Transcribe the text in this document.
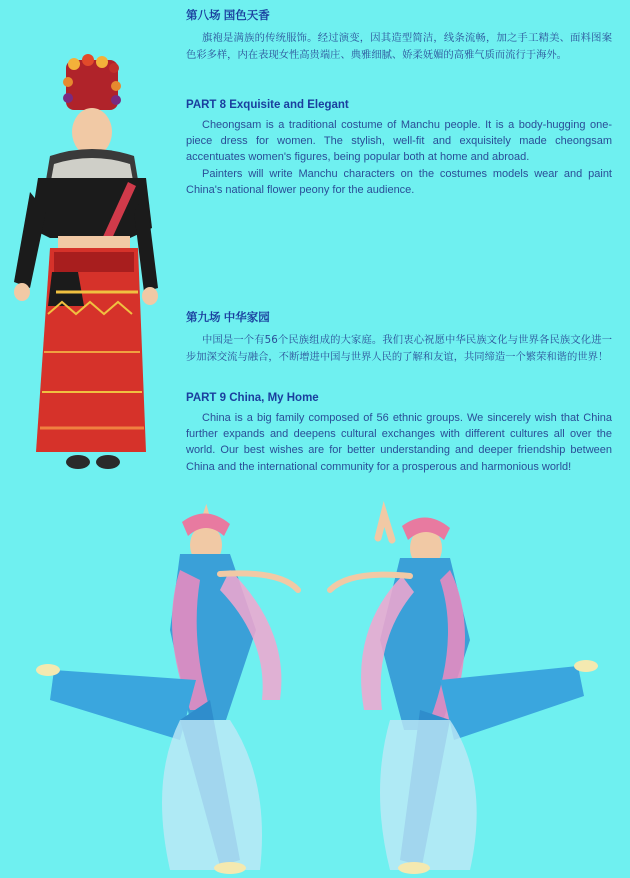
第八场 国色天香

旗袍是满族的传统服饰。经过演变，因其造型简洁，线条流畅，加之手工精美、面料图案色彩多样，内在表现女性高贵端庄、典雅细腻、娇柔妩媚的高雅气质而流行于海外。

PART 8 Exquisite and Elegant

Cheongsam is a traditional costume of Manchu people. It is a body-hugging one-piece dress for women. The stylish, well-fit and exquisitely made cheongsam accentuates women's figures, being popular both at home and abroad.

Painters will write Manchu characters on the costumes models wear and paint China's national flower peony for the audience.

第九场 中华家园

中国是一个有56个民族组成的大家庭。我们衷心祝愿中华民族文化与世界各民族文化进一步加深交流与融合，不断增进中国与世界人民的了解和友谊，共同缔造一个繁荣和谐的世界！

PART 9 China, My Home

China is a big family composed of 56 ethnic groups. We sincerely wish that China further expands and deepens cultural exchanges with different cultures all over the world. Our best wishes are for better understanding and deeper friendship between China and the international community for a prosperous and harmonious world!
